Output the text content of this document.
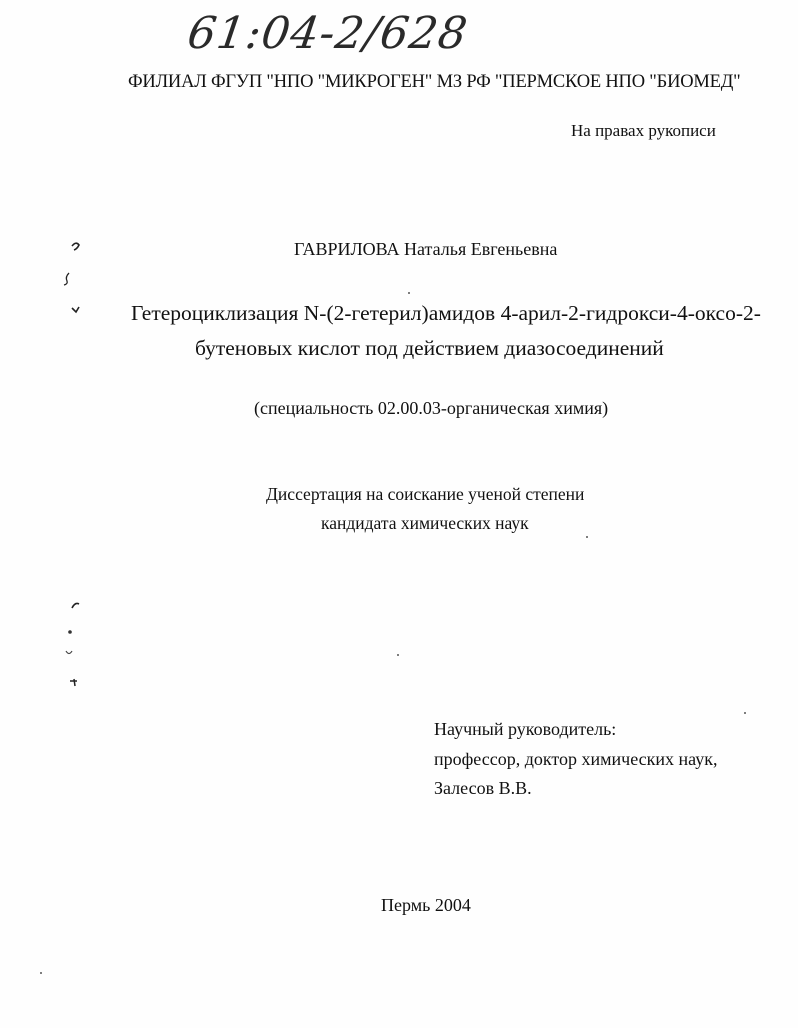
61:04-2/628
ФИЛИАЛ ФГУП "НПО "МИКРОГЕН" МЗ РФ "ПЕРМСКОЕ НПО "БИОМЕД"
На правах рукописи
ГАВРИЛОВА Наталья Евгеньевна
Гетероциклизация N-(2-гетерил)амидов 4-арил-2-гидрокси-4-оксо-2-
бутеновых кислот под действием диазосоединений
(специальность 02.00.03-органическая химия)
Диссертация на соискание ученой степени
кандидата химических наук
Научный руководитель:
профессор, доктор химических наук,
Залесов В.В.
Пермь 2004
